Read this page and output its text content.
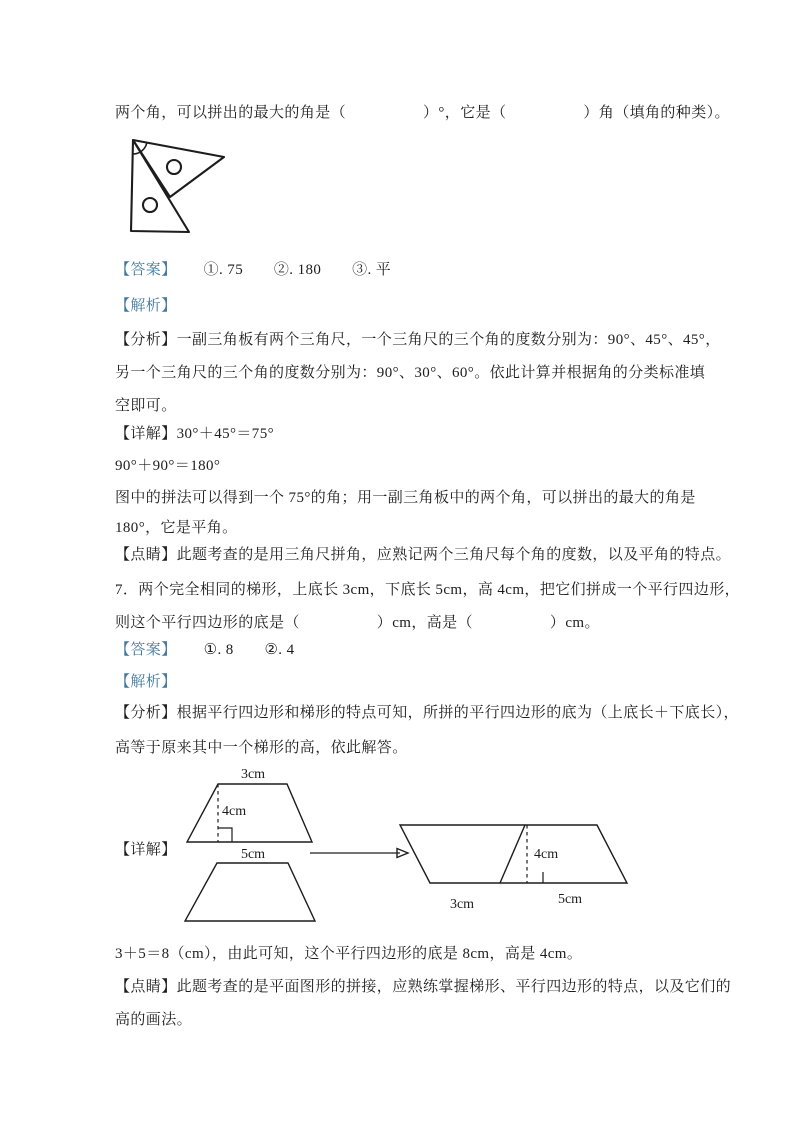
两个角，可以拼出的最大的角是（　　　　　）°，它是（　　　　　）角（填角的种类）。
【答案】 ①. 75　　②. 180　　③. 平
【解析】
【分析】一副三角板有两个三角尺，一个三角尺的三个角的度数分别为：90°、45°、45°，
另一个三角尺的三个角的度数分别为：90°、30°、60°。依此计算并根据角的分类标准填
空即可。
【详解】30°＋45°＝75°
90°＋90°＝180°
图中的拼法可以得到一个 75°的角；用一副三角板中的两个角，可以拼出的最大的角是
180°，它是平角。
【点睛】此题考查的是用三角尺拼角，应熟记两个三角尺每个角的度数，以及平角的特点。
7．两个完全相同的梯形，上底长 3cm，下底长 5cm，高 4cm，把它们拼成一个平行四边形，
则这个平行四边形的底是（　　　　　）cm，高是（　　　　　）cm。
【答案】 ①. 8　　②. 4
【解析】
【分析】根据平行四边形和梯形的特点可知，所拼的平行四边形的底为（上底长＋下底长），
高等于原来其中一个梯形的高，依此解答。
【详解】
3cm
4cm
5cm	4cm
3cm	5cm
3＋5＝8（cm），由此可知，这个平行四边形的底是 8cm，高是 4cm。
【点睛】此题考查的是平面图形的拼接，应熟练掌握梯形、平行四边形的特点，以及它们的
高的画法。
